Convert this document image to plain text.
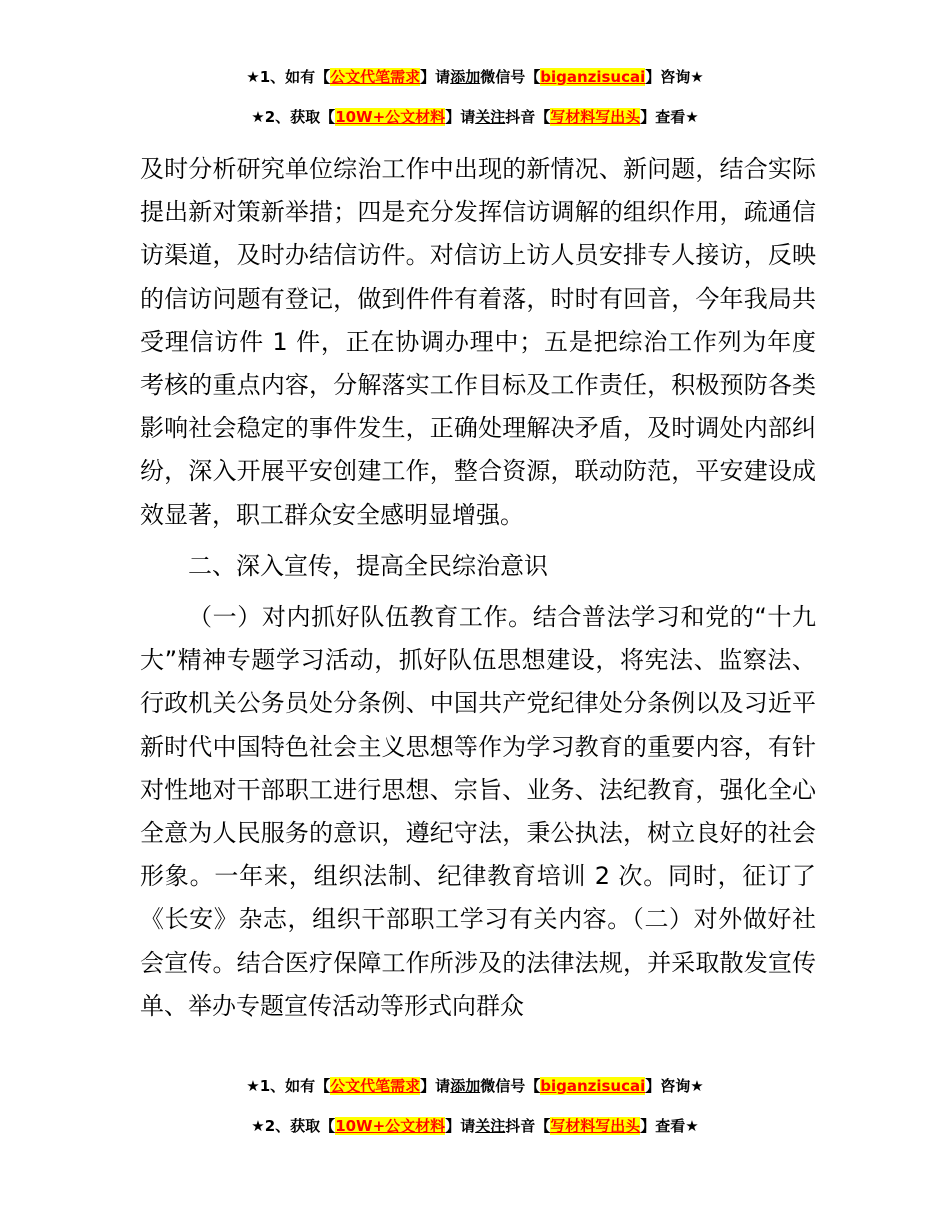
★1、如有【公文代笔需求】请添加微信号【biganzisucai】咨询★
★2、获取【10W+公文材料】请关注抖音【写材料写出头】查看★

及时分析研究单位综治工作中出现的新情况、新问题，结合实际提出新对策新举措；四是充分发挥信访调解的组织作用，疏通信访渠道，及时办结信访件。对信访上访人员安排专人接访，反映的信访问题有登记，做到件件有着落，时时有回音，今年我局共受理信访件 1 件，正在协调办理中；五是把综治工作列为年度考核的重点内容，分解落实工作目标及工作责任，积极预防各类影响社会稳定的事件发生，正确处理解决矛盾，及时调处内部纠纷，深入开展平安创建工作，整合资源，联动防范，平安建设成效显著，职工群众安全感明显增强。

二、深入宣传，提高全民综治意识

（一）对内抓好队伍教育工作。结合普法学习和党的“十九大”精神专题学习活动，抓好队伍思想建设，将宪法、监察法、行政机关公务员处分条例、中国共产党纪律处分条例以及习近平新时代中国特色社会主义思想等作为学习教育的重要内容，有针对性地对干部职工进行思想、宗旨、业务、法纪教育，强化全心全意为人民服务的意识，遵纪守法，秉公执法，树立良好的社会形象。一年来，组织法制、纪律教育培训 2 次。同时，征订了《长安》杂志，组织干部职工学习有关内容。（二）对外做好社会宣传。结合医疗保障工作所涉及的法律法规，并采取散发宣传单、举办专题宣传活动等形式向群众

★1、如有【公文代笔需求】请添加微信号【biganzisucai】咨询★
★2、获取【10W+公文材料】请关注抖音【写材料写出头】查看★
